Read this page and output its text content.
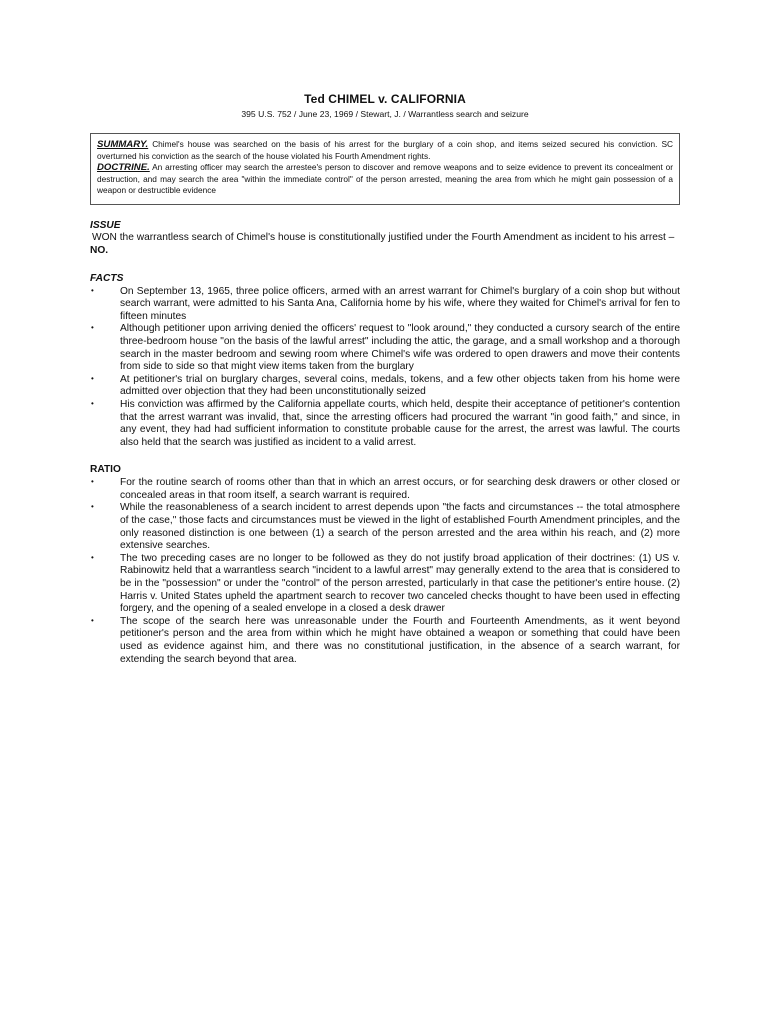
Ted CHIMEL v. CALIFORNIA
395 U.S. 752 / June 23, 1969 / Stewart, J. / Warrantless search and seizure

SUMMARY. Chimel's house was searched on the basis of his arrest for the burglary of a coin shop, and items seized secured his conviction. SC overturned his conviction as the search of the house violated his Fourth Amendment rights.

DOCTRINE. An arresting officer may search the arrestee's person to discover and remove weapons and to seize evidence to prevent its concealment or destruction, and may search the area "within the immediate control" of the person arrested, meaning the area from which he might gain possession of a weapon or destructible evidence

ISSUE

WON the warrantless search of Chimel's house is constitutionally justified under the Fourth Amendment as incident to his arrest – NO.

FACTS
•	On September 13, 1965, three police officers, armed with an arrest warrant for Chimel's burglary of a coin shop but without search warrant, were admitted to his Santa Ana, California home by his wife, where they waited for Chimel's arrival for fen to fifteen minutes
•	Although petitioner upon arriving denied the officers' request to "look around," they conducted a cursory search of the entire three-bedroom house "on the basis of the lawful arrest" including the attic, the garage, and a small workshop and a thorough search in the master bedroom and sewing room where Chimel's wife was ordered to open drawers and move their contents from side to side so that might view items taken from the burglary
•	At petitioner's trial on burglary charges, several coins, medals, tokens, and a few other objects taken from his home were admitted over objection that they had been unconstitutionally seized
•	His conviction was affirmed by the California appellate courts, which held, despite their acceptance of petitioner's contention that the arrest warrant was invalid, that, since the arresting officers had procured the warrant "in good faith," and since, in any event, they had had sufficient information to constitute probable cause for the arrest, the arrest was lawful. The courts also held that the search was justified as incident to a valid arrest.
RATIO
•	For the routine search of rooms other than that in which an arrest occurs, or for searching desk drawers or other closed or concealed areas in that room itself, a search warrant is required.
•	While the reasonableness of a search incident to arrest depends upon "the facts and circumstances -- the total atmosphere of the case," those facts and circumstances must be viewed in the light of established Fourth Amendment principles, and the only reasoned distinction is one between (1) a search of the person arrested and the area within his reach, and (2) more extensive searches.
•	The two preceding cases are no longer to be followed as they do not justify broad application of their doctrines: (1) US v. Rabinowitz held that a warrantless search "incident to a lawful arrest" may generally extend to the area that is considered to be in the "possession" or under the "control" of the person arrested, particularly in that case the petitioner's entire house. (2) Harris v. United States upheld the apartment search to recover two canceled checks thought to have been used in effecting forgery, and the opening of a sealed envelope in a closed a desk drawer
•	The scope of the search here was unreasonable under the Fourth and Fourteenth Amendments, as it went beyond petitioner's person and the area from within which he might have obtained a weapon or something that could have been used as evidence against him, and there was no constitutional justification, in the absence of a search warrant, for extending the search beyond that area.
